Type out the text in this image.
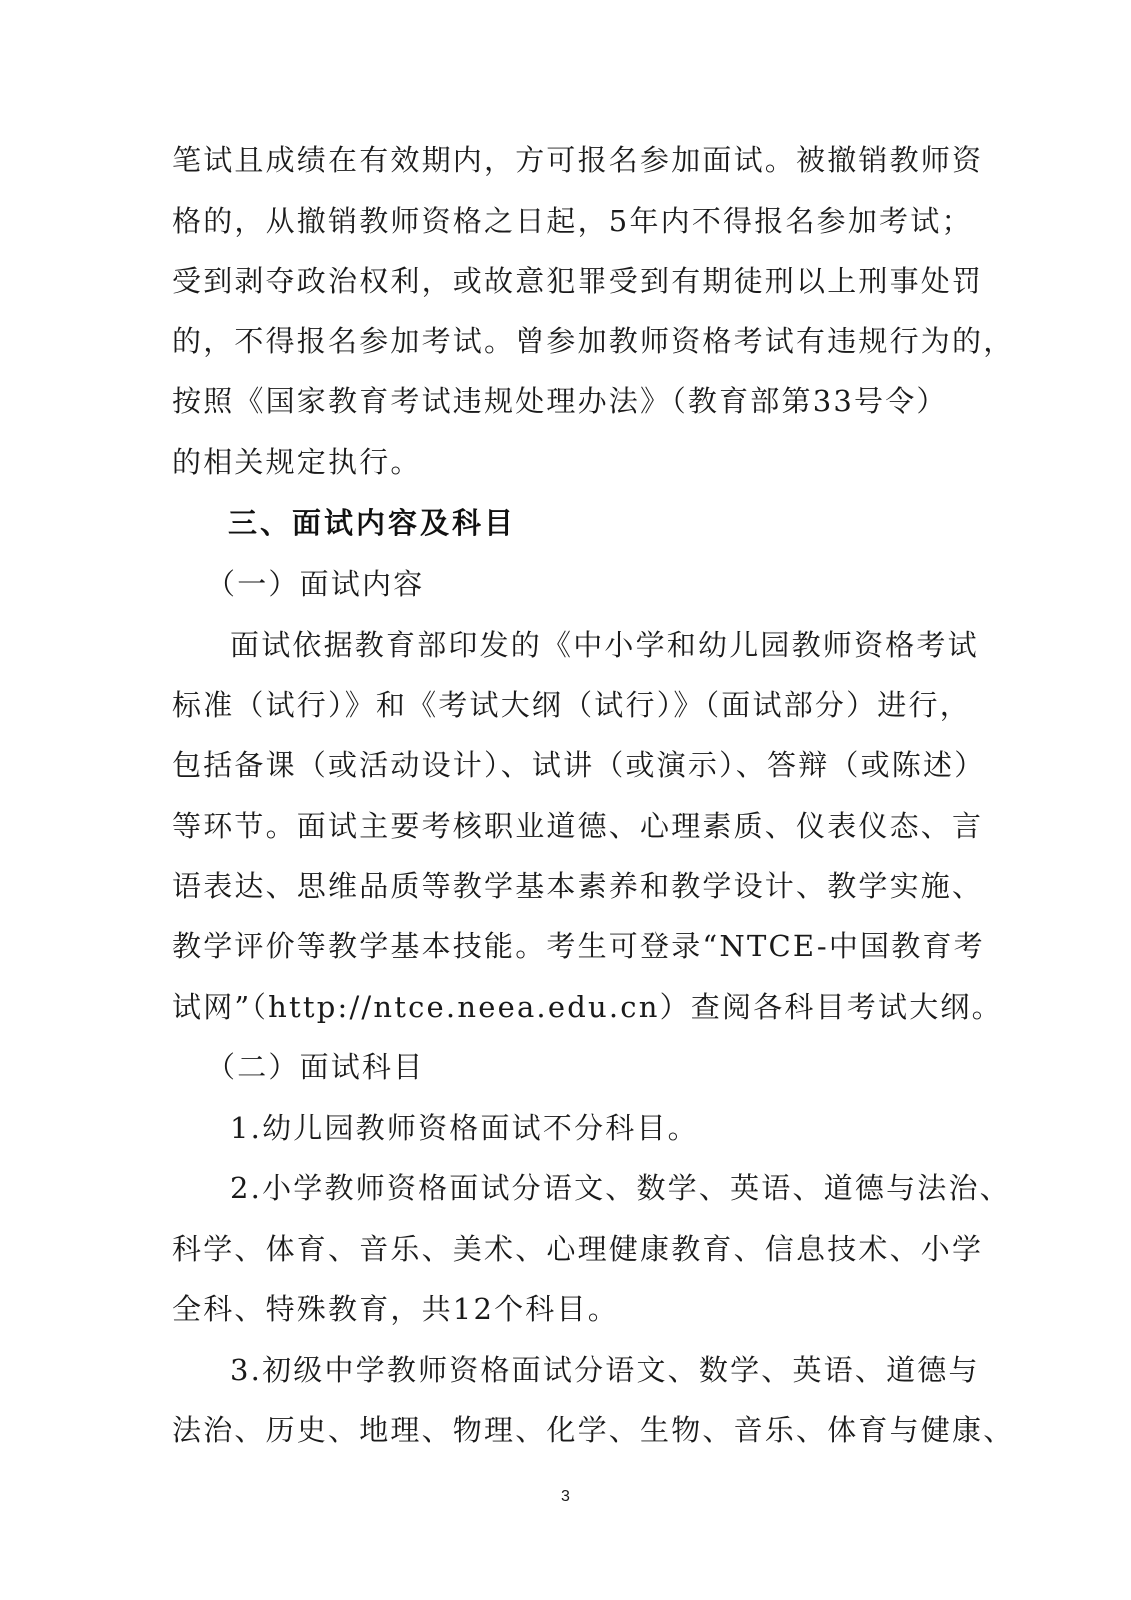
笔试且成绩在有效期内，方可报名参加面试。被撤销教师资
格的，从撤销教师资格之日起，5年内不得报名参加考试；
受到剥夺政治权利，或故意犯罪受到有期徒刑以上刑事处罚
的，不得报名参加考试。曾参加教师资格考试有违规行为的，
按照《国家教育考试违规处理办法》（教育部第33号令）
的相关规定执行。
三、面试内容及科目
（一）面试内容
面试依据教育部印发的《中小学和幼儿园教师资格考试
标准（试行）》和《考试大纲（试行）》（面试部分）进行，
包括备课（或活动设计）、试讲（或演示）、答辩（或陈述）
等环节。面试主要考核职业道德、心理素质、仪表仪态、言
语表达、思维品质等教学基本素养和教学设计、教学实施、
教学评价等教学基本技能。考生可登录“NTCE-中国教育考
试网”（http://ntce.neea.edu.cn）查阅各科目考试大纲。
（二）面试科目
1.幼儿园教师资格面试不分科目。
2.小学教师资格面试分语文、数学、英语、道德与法治、
科学、体育、音乐、美术、心理健康教育、信息技术、小学
全科、特殊教育，共12个科目。
3.初级中学教师资格面试分语文、数学、英语、道德与
法治、历史、地理、物理、化学、生物、音乐、体育与健康、
3
